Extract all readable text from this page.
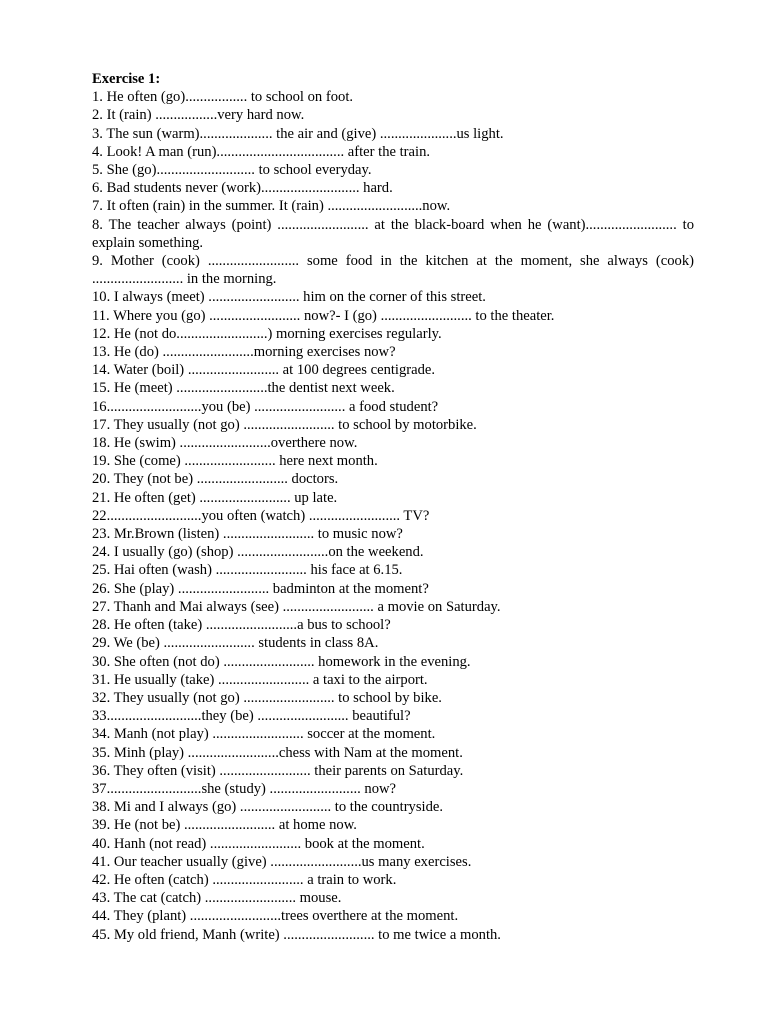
Exercise 1:

1. He often (go)................. to school on foot.

2. It (rain) .................very hard now.

3. The sun (warm).................... the air and (give) .....................us light.

4. Look! A man (run)................................... after the train.

5. She (go)........................... to school everyday.

6. Bad students never (work)........................... hard.

7. It often (rain) in the summer. It (rain) ..........................now.

8. The teacher always (point) ......................... at the black-board when he (want)......................... to explain something.

9. Mother (cook) ......................... some food in the kitchen at the moment, she always (cook) ......................... in the morning.

10. I always (meet) ......................... him on the corner of this street.

11. Where you (go) ......................... now?- I (go) ......................... to the theater.

12. He (not do.........................) morning exercises regularly.

13. He (do) .........................morning exercises now?

14. Water (boil) ......................... at 100 degrees centigrade.

15. He (meet) .........................the dentist next week.

16..........................you (be) ......................... a food student?

17. They usually (not go) ......................... to school by motorbike.

18. He (swim) .........................overthere now.

19. She (come) ......................... here next month.

20. They (not be) ......................... doctors.

21. He often (get) ......................... up late.

22..........................you often (watch) ......................... TV?

23. Mr.Brown (listen) ......................... to music now?

24. I usually (go) (shop) .........................on the weekend.

25. Hai often (wash) ......................... his face at 6.15.

26. She (play) ......................... badminton at the moment?

27. Thanh and Mai always (see) ......................... a movie on Saturday.

28. He often (take) .........................a bus to school?

29. We (be) ......................... students in class 8A.

30. She often (not do) ......................... homework in the evening.

31. He usually (take) ......................... a taxi to the airport.

32. They usually (not go) ......................... to school by bike.

33..........................they (be) ......................... beautiful?

34. Manh (not play) ......................... soccer at the moment.

35. Minh (play) .........................chess with Nam at the moment.

36. They often (visit) ......................... their parents on Saturday.

37..........................she (study) ......................... now?

38. Mi and I always (go) ......................... to the countryside.

39. He (not be) ......................... at home now.

40. Hanh (not read) ......................... book at the moment.

41. Our teacher usually (give) .........................us many exercises.

42. He often (catch) ......................... a train to work.

43. The cat (catch) ......................... mouse.

44. They (plant) .........................trees overthere at the moment.

45. My old friend, Manh (write) ......................... to me twice a month.
